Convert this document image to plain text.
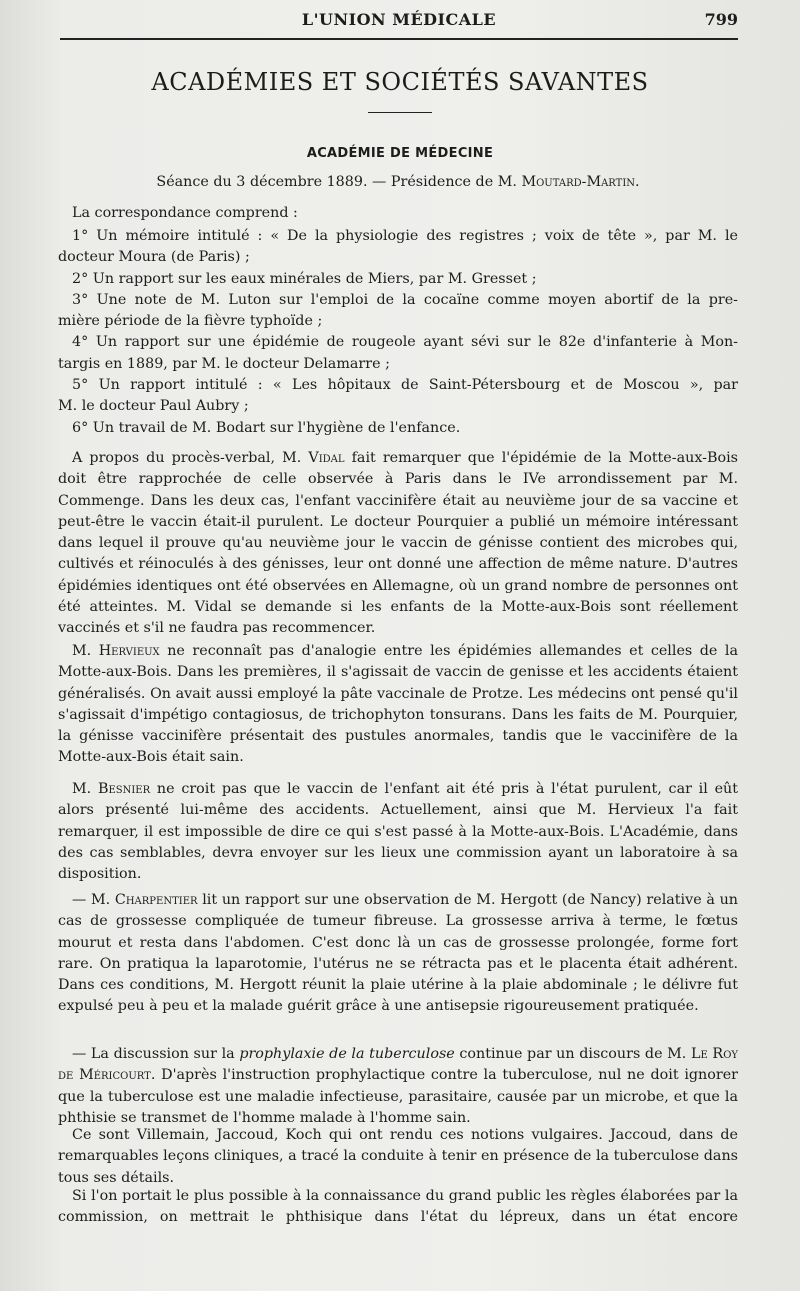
L'UNION MÉDICALE	799
ACADÉMIES ET SOCIÉTÉS SAVANTES
ACADÉMIE DE MÉDECINE

Séance du 3 décembre 1889. — Présidence de M. Moutard-Martin.

La correspondance comprend :

1° Un mémoire intitulé : « De la physiologie des registres ; voix de tête », par M. le

docteur Moura (de Paris) ;

2° Un rapport sur les eaux minérales de Miers, par M. Gresset ;

3° Une note de M. Luton sur l'emploi de la cocaïne comme moyen abortif de la pre-

mière période de la fièvre typhoïde ;

4° Un rapport sur une épidémie de rougeole ayant sévi sur le 82e d'infanterie à Mon-

targis en 1889, par M. le docteur Delamarre ;

5° Un rapport intitulé : « Les hôpitaux de Saint-Pétersbourg et de Moscou », par

M. le docteur Paul Aubry ;

6° Un travail de M. Bodart sur l'hygiène de l'enfance.

A propos du procès-verbal, M. Vidal fait remarquer que l'épidémie de la Motte-aux-Bois doit être rapprochée de celle observée à Paris dans le IVe arrondissement par M. Commenge. Dans les deux cas, l'enfant vaccinifère était au neuvième jour de sa vaccine et peut-être le vaccin était-il purulent. Le docteur Pourquier a publié un mémoire intéressant dans lequel il prouve qu'au neuvième jour le vaccin de génisse contient des microbes qui, cultivés et réinoculés à des génisses, leur ont donné une affection de même nature. D'autres épidémies identiques ont été observées en Allemagne, où un grand nombre de personnes ont été atteintes. M. Vidal se demande si les enfants de la Motte-aux-Bois sont réellement vaccinés et s'il ne faudra pas recommencer.

M. Hervieux ne reconnaît pas d'analogie entre les épidémies allemandes et celles de la Motte-aux-Bois. Dans les premières, il s'agissait de vaccin de genisse et les accidents étaient généralisés. On avait aussi employé la pâte vaccinale de Protze. Les médecins ont pensé qu'il s'agissait d'impétigo contagiosus, de trichophyton tonsurans. Dans les faits de M. Pourquier, la génisse vaccinifère présentait des pustules anormales, tandis que le vaccinifère de la Motte-aux-Bois était sain.

M. Besnier ne croit pas que le vaccin de l'enfant ait été pris à l'état purulent, car il eût alors présenté lui-même des accidents. Actuellement, ainsi que M. Hervieux l'a fait remarquer, il est impossible de dire ce qui s'est passé à la Motte-aux-Bois. L'Académie, dans des cas semblables, devra envoyer sur les lieux une commission ayant un laboratoire à sa disposition.

— M. Charpentier lit un rapport sur une observation de M. Hergott (de Nancy) relative à un cas de grossesse compliquée de tumeur fibreuse. La grossesse arriva à terme, le fœtus mourut et resta dans l'abdomen. C'est donc là un cas de grossesse prolongée, forme fort rare. On pratiqua la laparotomie, l'utérus ne se rétracta pas et le placenta était adhérent. Dans ces conditions, M. Hergott réunit la plaie utérine à la plaie abdominale ; le délivre fut expulsé peu à peu et la malade guérit grâce à une antisepsie rigoureusement pratiquée.

— La discussion sur la prophylaxie de la tuberculose continue par un discours de M. Le Roy de Méricourt. D'après l'instruction prophylactique contre la tuberculose, nul ne doit ignorer que la tuberculose est une maladie infectieuse, parasitaire, causée par un microbe, et que la phthisie se transmet de l'homme malade à l'homme sain.

Ce sont Villemain, Jaccoud, Koch qui ont rendu ces notions vulgaires. Jaccoud, dans de remarquables leçons cliniques, a tracé la conduite à tenir en présence de la tuberculose dans tous ses détails.

Si l'on portait le plus possible à la connaissance du grand public les règles élaborées par la commission, on mettrait le phthisique dans l'état du lépreux, dans un état encore
